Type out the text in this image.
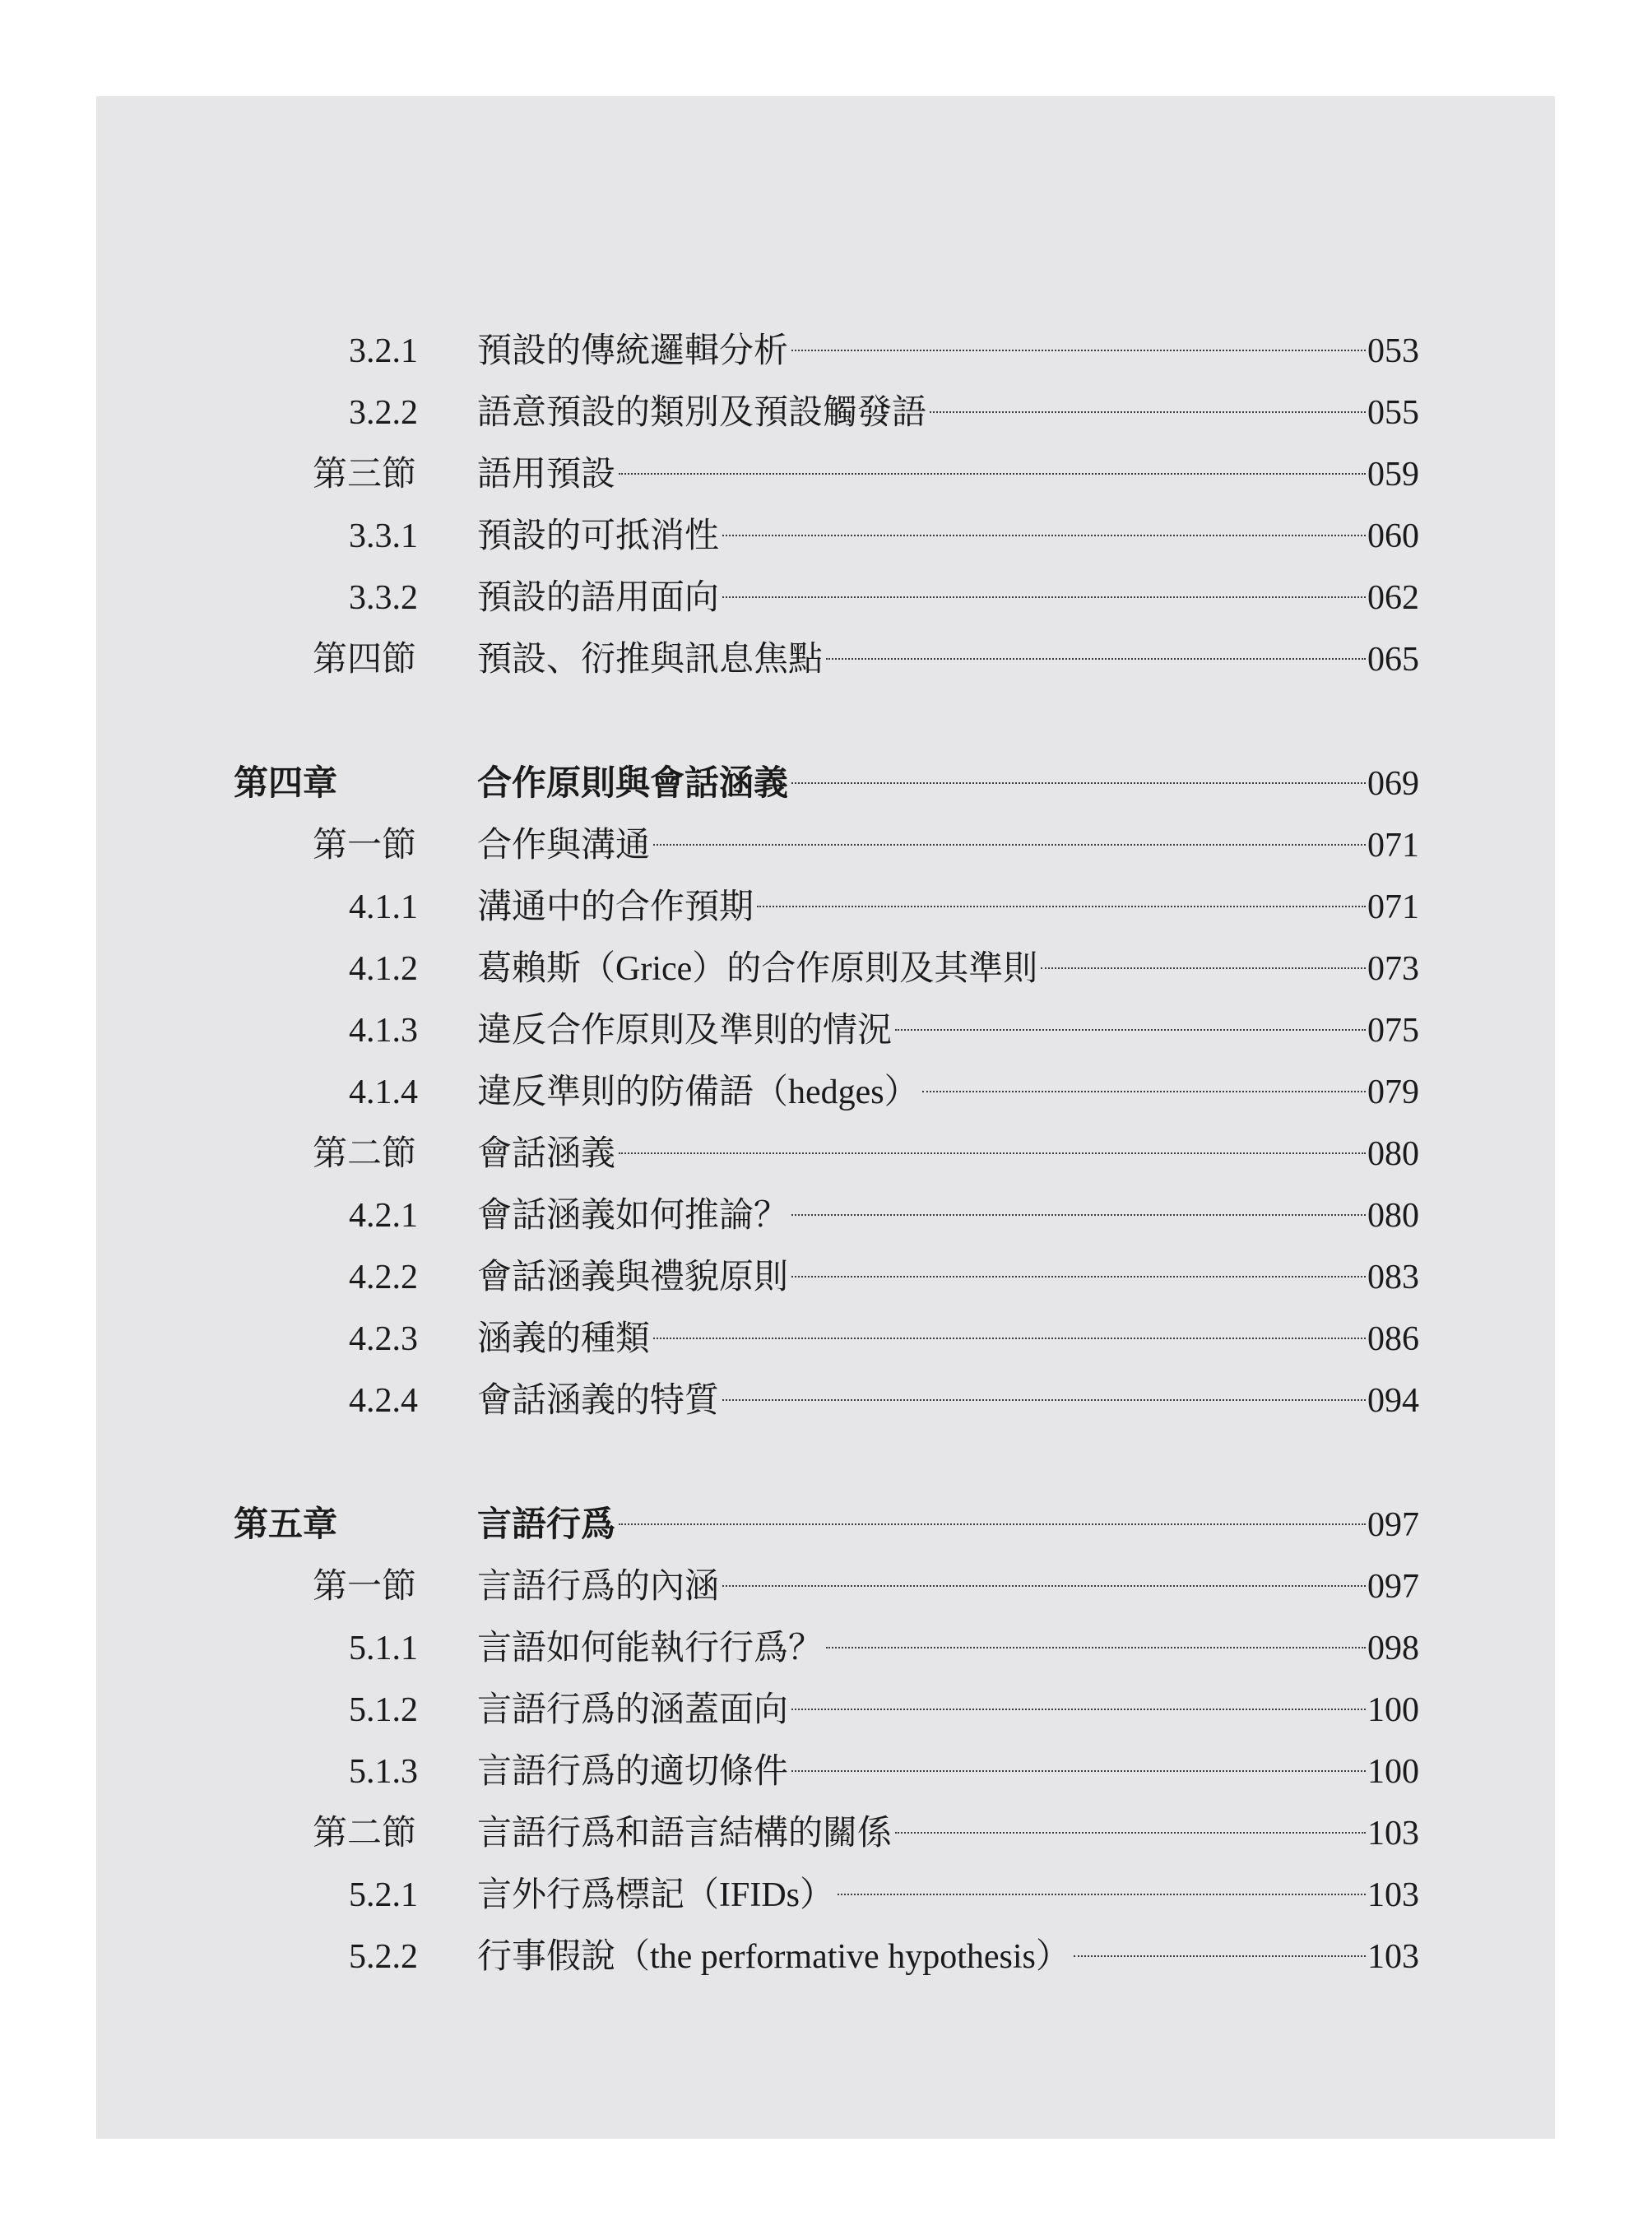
3.2.1 預設的傳統邏輯分析	053
3.2.2 語意預設的類別及預設觸發語	055
第三節 語用預設	059
3.3.1 預設的可抵消性	060
3.3.2 預設的語用面向	062
第四節 預設、衍推與訊息焦點	065
第四章	合作原則與會話涵義	069
第一節 合作與溝通	071
4.1.1 溝通中的合作預期	071
4.1.2 葛賴斯（Grice）的合作原則及其準則	073
4.1.3 違反合作原則及準則的情況	075
4.1.4 違反準則的防備語（hedges）	079
第二節 會話涵義	080
4.2.1 會話涵義如何推論？	080
4.2.2 會話涵義與禮貌原則	083
4.2.3 涵義的種類	086
4.2.4 會話涵義的特質	094
第五章	言語行爲	097
第一節 言語行爲的內涵	097
5.1.1 言語如何能執行行爲？	098
5.1.2 言語行爲的涵蓋面向	100
5.1.3 言語行爲的適切條件	100
第二節 言語行爲和語言結構的關係	103
5.2.1 言外行爲標記（IFIDs）	103
5.2.2 行事假說（the performative hypothesis）	103
